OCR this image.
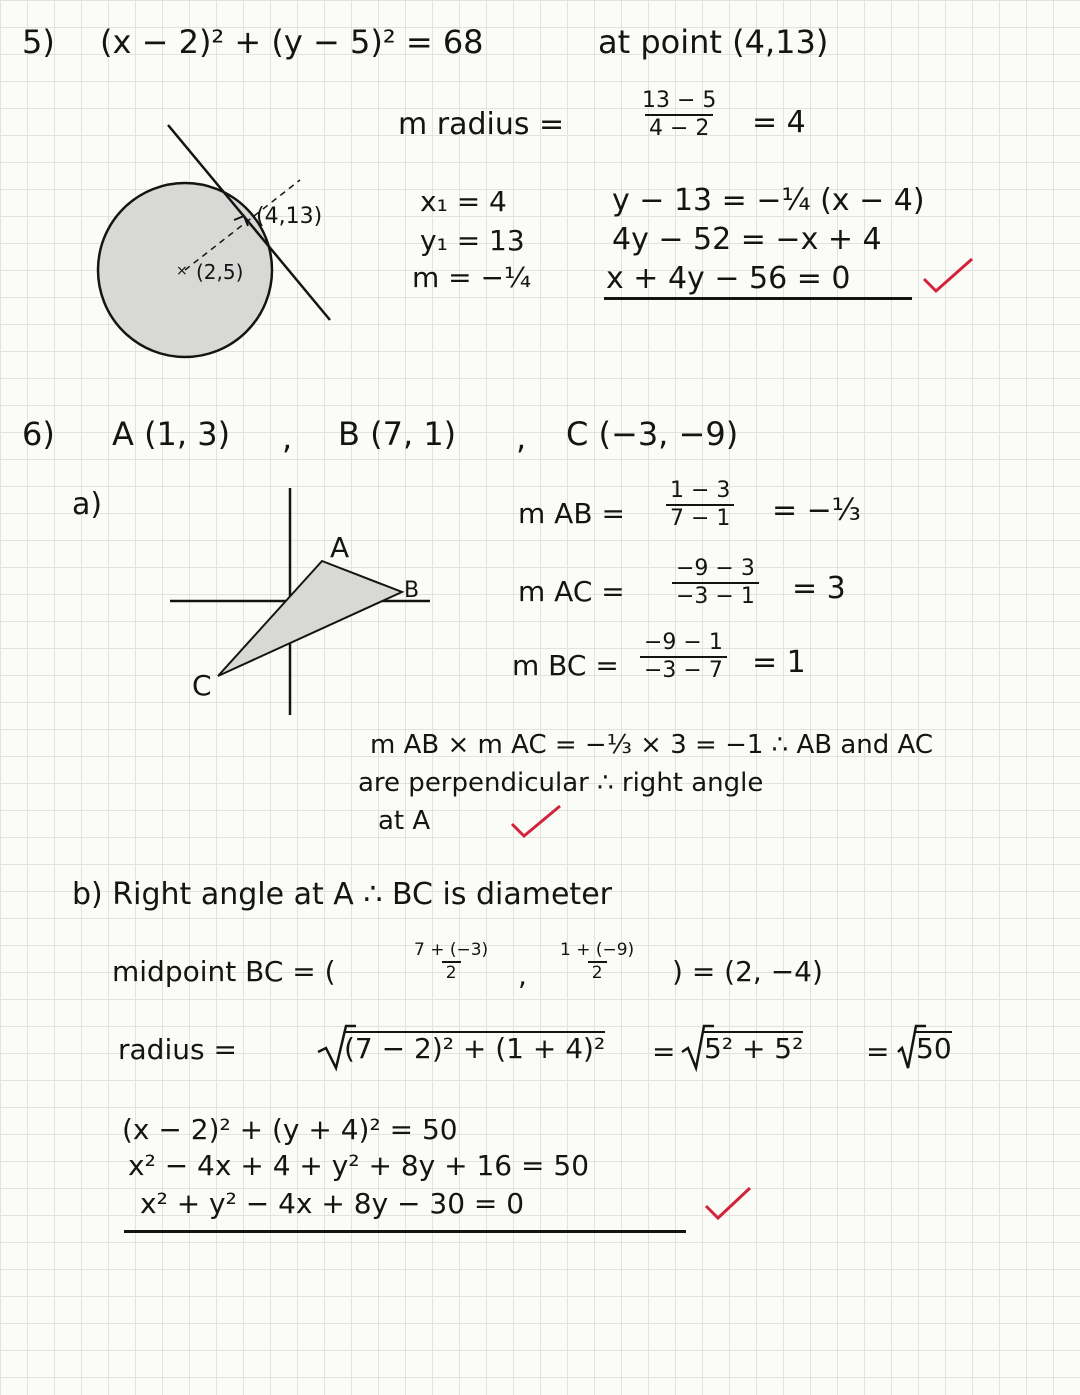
5) (x − 2)² + (y − 5)² = 68	at point (4,13)
m radius =	$\frac{13 - 5}{4 - 2} = 4$
× (2,5)
(4,13)	x₁ = 4
y₁ = 13
m = −¼
y − 13 = −¼ (x − 4)
4y − 52 = −x + 4
x + 4y − 56 = 0
6) A (1, 3) , B (7, 1) , C (−3, −9)
a)
A
B
C
m AB = $\frac{1 - 3}{7 - 1}$ = −⅓
m AC = $\frac{-9 - 3}{-3 - 1} = 3$
m BC = $\frac{-9 - 1}{-3 - 7} = 1$
m AB × m AC = −⅓ × 3 = −1 ∴ AB and AC
are perpendicular ∴ right angle
at A
b) Right angle at A ∴ BC is diameter
midpoint BC = (	$\frac{7 + (-3)}{2}$ , $\frac{1 + (-9)}{2}$ ) = (2, −4)
radius =	(7 − 2)² + (1 + 4)² = 5² + 5² = 50
(x − 2)² + (y + 4)² = 50
x² − 4x + 4 + y² + 8y + 16 = 50
x² + y² − 4x + 8y − 30 = 0
